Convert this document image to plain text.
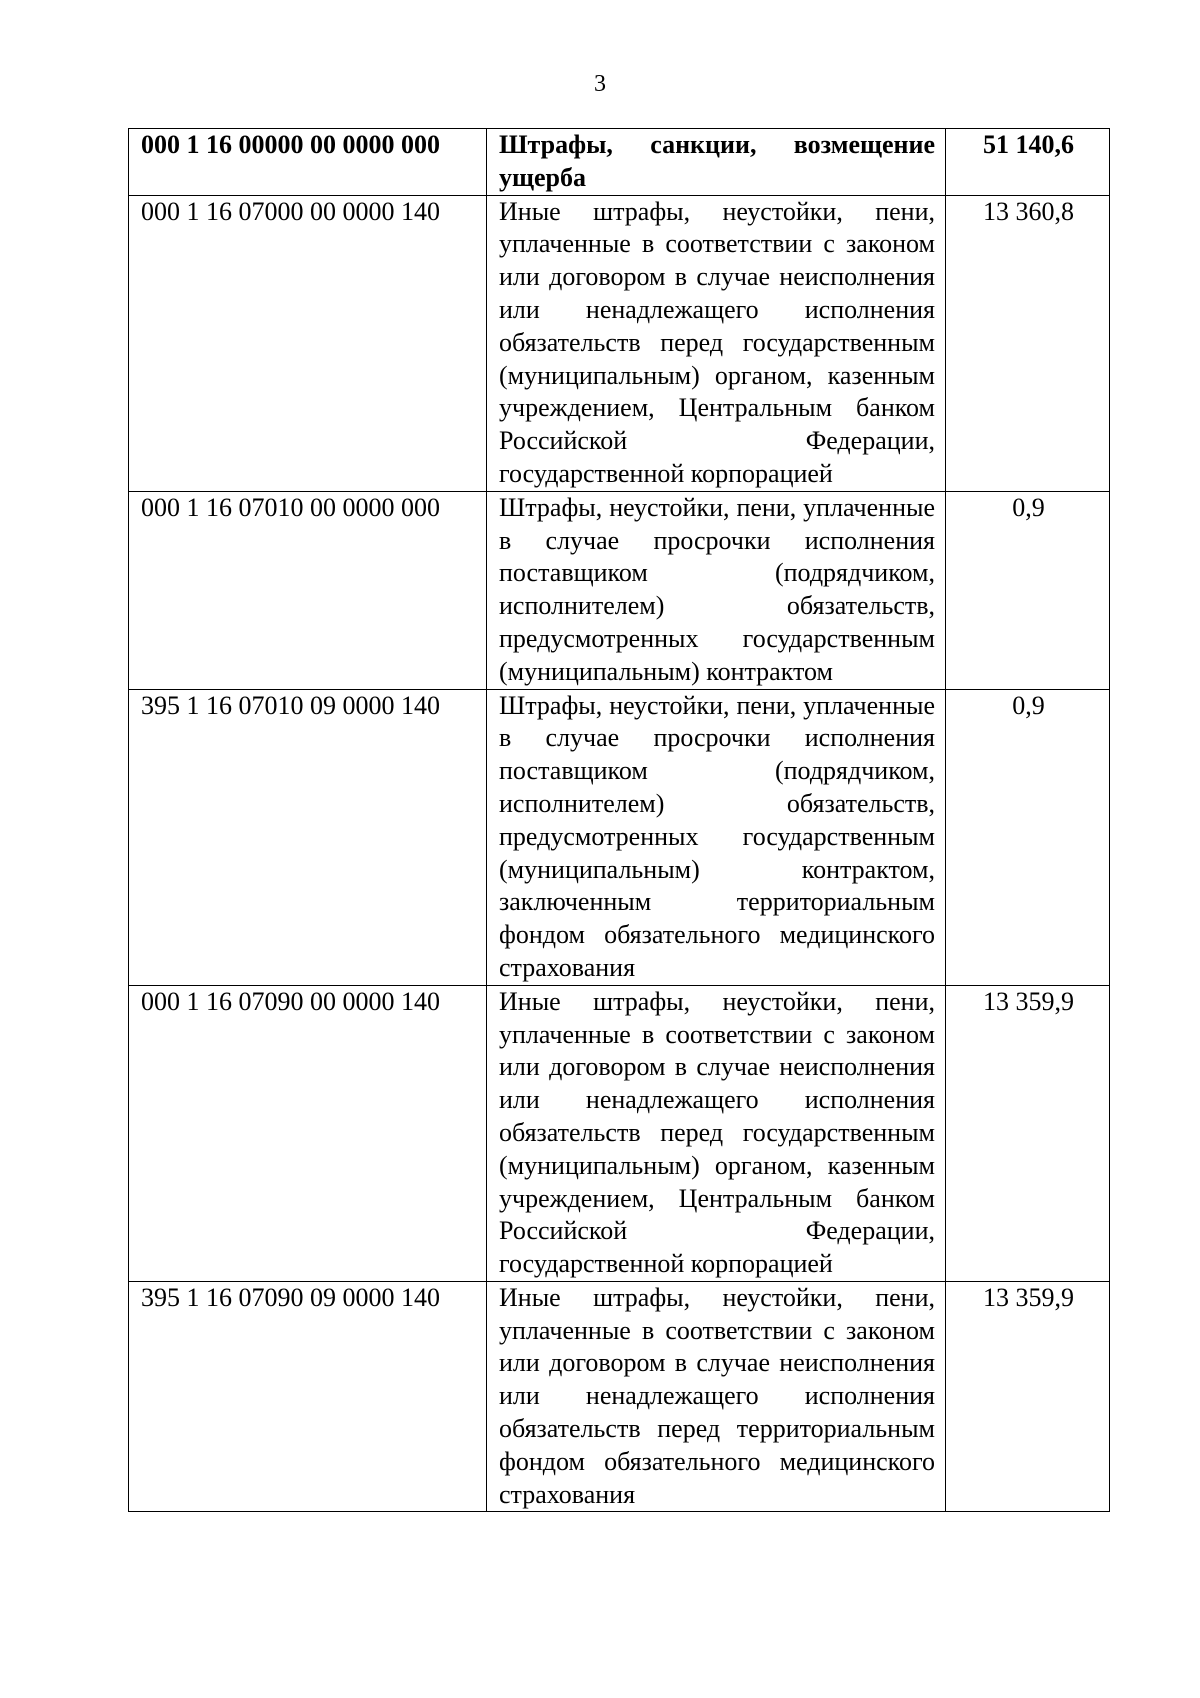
3
000 1 16 00000 00 0000 000	Штрафы, санкции, возмещение ущерба	51 140,6
000 1 16 07000 00 0000 140	Иные штрафы, неустойки, пени, уплаченные в соответствии с законом или договором в случае неисполнения или ненадлежащего исполнения обязательств перед государственным (муниципальным) органом, казенным учреждением, Центральным банком Российской Федерации, государственной корпорацией	13 360,8
000 1 16 07010 00 0000 000	Штрафы, неустойки, пени, уплаченные в случае просрочки исполнения поставщиком (подрядчиком, исполнителем) обязательств, предусмотренных государственным (муниципальным) контрактом	0,9
395 1 16 07010 09 0000 140	Штрафы, неустойки, пени, уплаченные в случае просрочки исполнения поставщиком (подрядчиком, исполнителем) обязательств, предусмотренных государственным (муниципальным) контрактом, заключенным территориальным фондом обязательного медицинского страхования	0,9
000 1 16 07090 00 0000 140	Иные штрафы, неустойки, пени, уплаченные в соответствии с законом или договором в случае неисполнения или ненадлежащего исполнения обязательств перед государственным (муниципальным) органом, казенным учреждением, Центральным банком Российской Федерации, государственной корпорацией	13 359,9
395 1 16 07090 09 0000 140	Иные штрафы, неустойки, пени, уплаченные в соответствии с законом или договором в случае неисполнения или ненадлежащего исполнения обязательств перед территориальным фондом обязательного медицинского страхования	13 359,9
